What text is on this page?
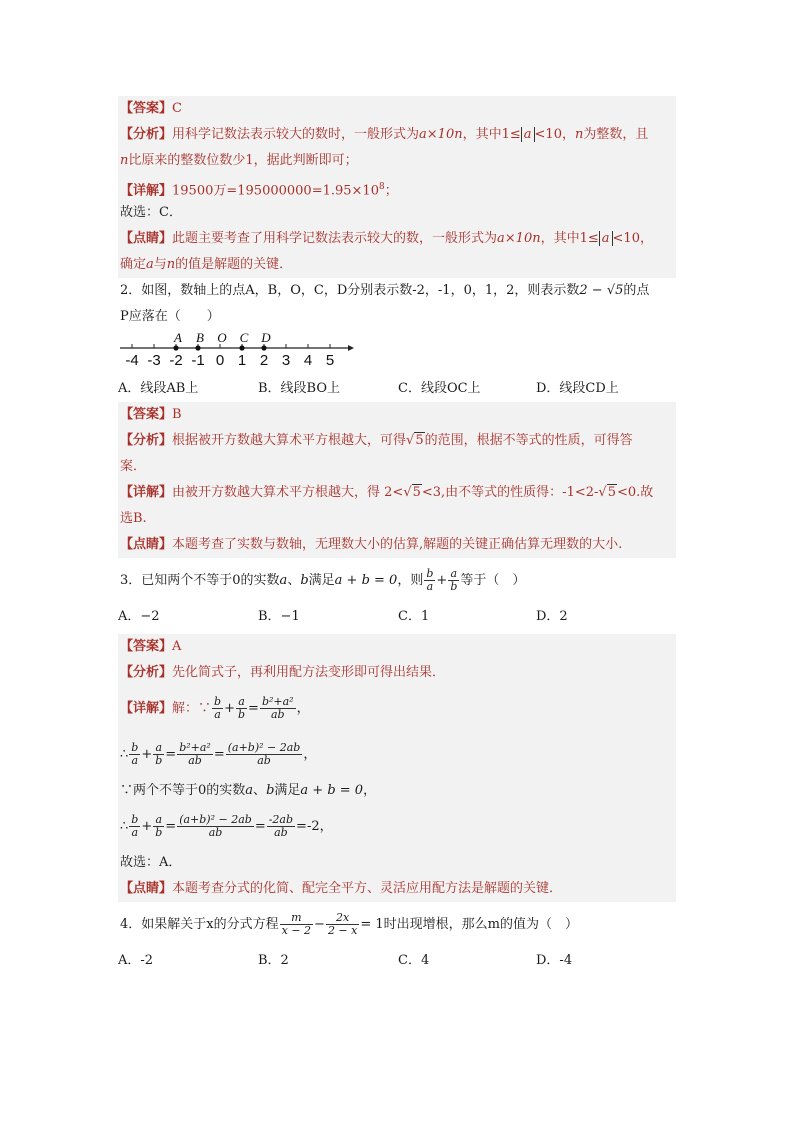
【答案】C
【分析】用科学记数法表示较大的数时，一般形式为a×10n，其中1≤ a <10，n为整数，且
n比原来的整数位数少1，据此判断即可；
【详解】19500万$=195000000=1.95\times 10^8$；
故选：C．
【点睛】此题主要考查了用科学记数法表示较大的数，一般形式为a×10n，其中1≤ a <10，
确定a与n的值是解题的关键．
2．如图，数轴上的点A，B，O，C，D分别表示数-2，-1，0，1，2，则表示数2 − √5的点
P应落在（　　）
-4 -3 -2 -1 0 1 2 3 4 5
A B O C D
A．线段AB上	B．线段BO上	C．线段OC上	D．线段CD上
【答案】B
【分析】根据被开方数越大算术平方根越大，可得√5的范围，根据不等式的性质，可得答
案．
【详解】由被开方数越大算术平方根越大，得 2<√5<3,由不等式的性质得：-1<2-√5<0.故
选B.
【点睛】本题考查了实数与数轴，无理数大小的估算,解题的关键正确估算无理数的大小.
3．已知两个不等于0的实数a、b满足a + b = 0，则 $\frac{b}{a} + \frac{a}{b}$ 等于（　）
A．−2	B．−1	C．1	D．2
【答案】A
【分析】先化简式子，再利用配方法变形即可得出结果．
【详解】解：∵ $\frac{b}{a} + \frac{a}{b} = \frac{\text{b²+a²}}{ab}$ ，
∴ $\frac{b}{a} + \frac{a}{b} = \frac{\text{b²+a²}}{ab} = \frac{\text{(a+b)² − 2ab}}{ab}$ ，
∵两个不等于0的实数a、b满足a + b = 0，
∴ $\frac{b}{a} + \frac{a}{b} = \frac{\text{(a+b)² − 2ab}}{ab} = \frac{-2ab}{ab} =-2$，
故选：A．
【点睛】本题考查分式的化简、配完全平方、灵活应用配方法是解题的关键．
4．如果解关于x的分式方程 $\frac{m}{x - 2} - \frac{2x}{2 - x} = 1$时出现增根，那么m的值为（　）
A．-2	B．2	C．4	D．-4
